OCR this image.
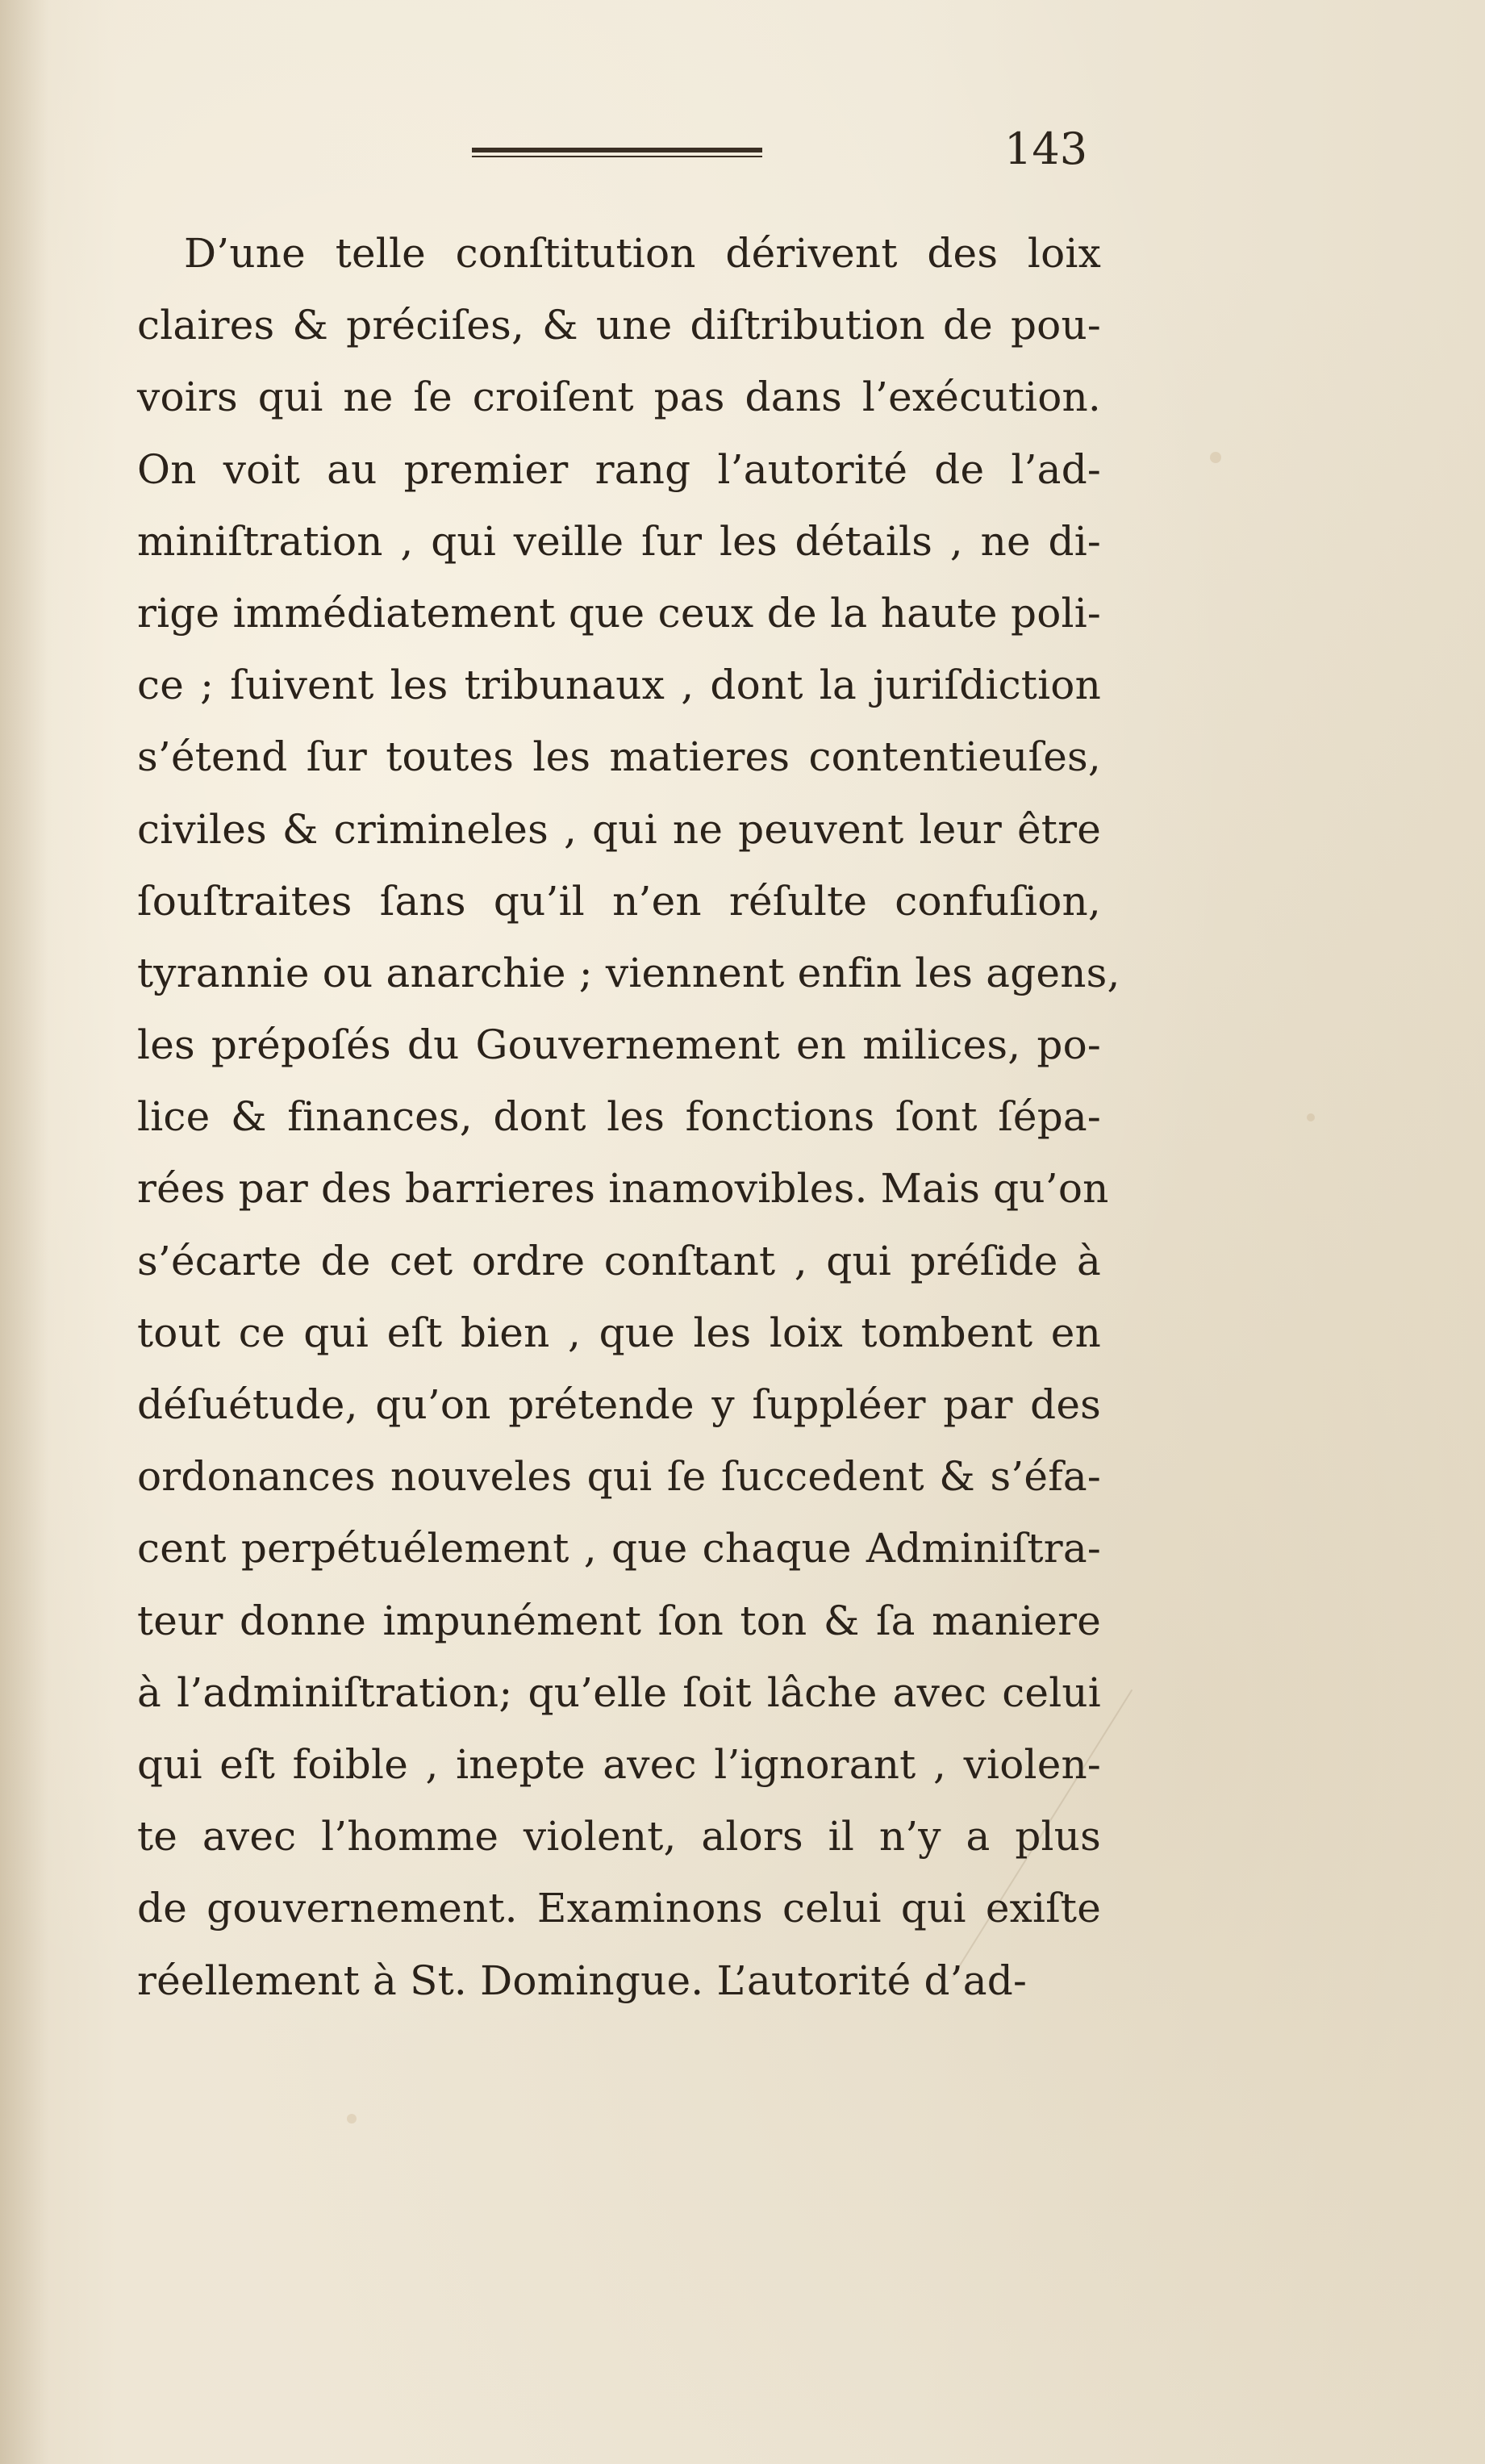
143
D’une telle conſtitution dérivent des loix
claires & préciſes, & une diſtribution de pou-
voirs qui ne ſe croiſent pas dans l’exécution.
On voit au premier rang l’autorité de l’ad-
miniſtration , qui veille ſur les détails , ne di-
rige immédiatement que ceux de la haute poli-
ce ; ſuivent les tribunaux , dont la juriſdiction
s’étend ſur toutes les matieres contentieuſes,
civiles & crimineles , qui ne peuvent leur être
ſouſtraites ſans qu’il n’en réſulte confuſion,
tyrannie ou anarchie ; viennent enfin les agens,
les prépoſés du Gouvernement en milices, po-
lice & finances, dont les fonctions ſont ſépa-
rées par des barrieres inamovibles. Mais qu’on
s’écarte de cet ordre conſtant , qui préſide à
tout ce qui eſt bien , que les loix tombent en
déſuétude, qu’on prétende y ſuppléer par des
ordonances nouveles qui ſe ſuccedent & s’éfa-
cent perpétuélement , que chaque Adminiſtra-
teur donne impunément ſon ton & ſa maniere
à l’adminiſtration; qu’elle ſoit lâche avec celui
qui eſt foible , inepte avec l’ignorant , violen-
te avec l’homme violent, alors il n’y a plus
de gouvernement. Examinons celui qui exiſte
réellement à St. Domingue. L’autorité d’ad-
